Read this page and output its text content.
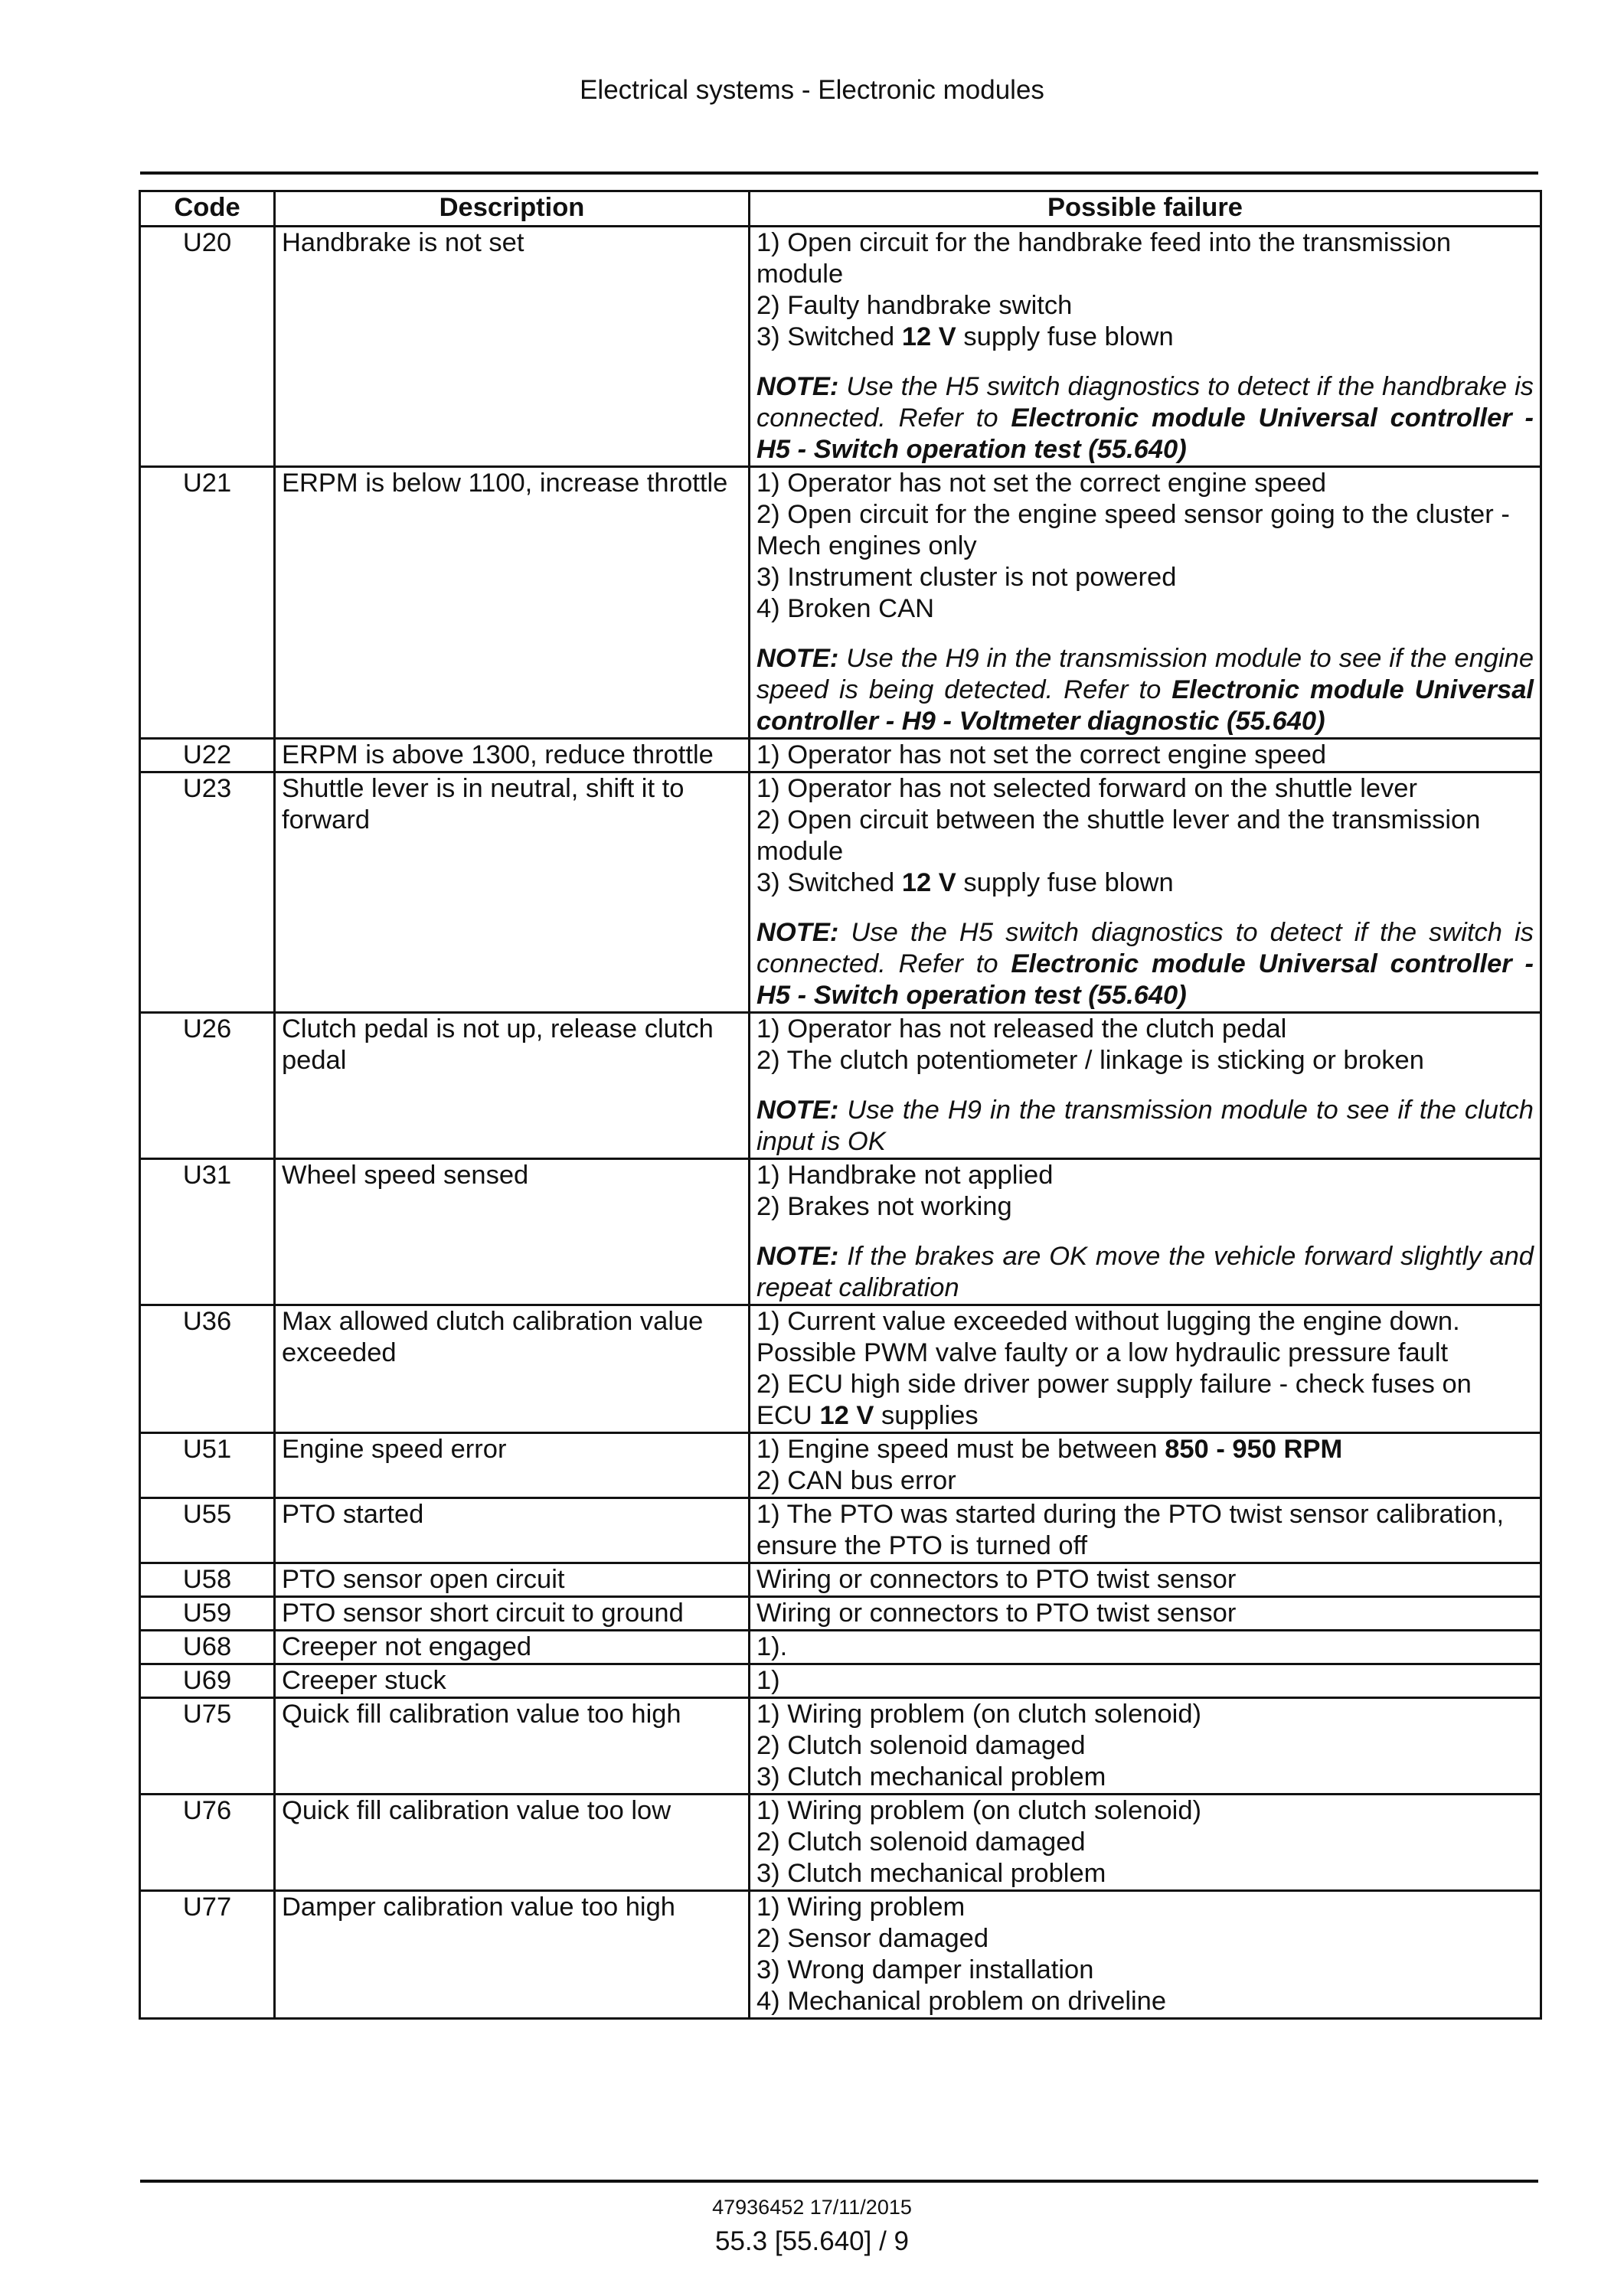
Electrical systems - Electronic modules
Code	Description	Possible failure
U20	Handbrake is not set	1) Open circuit for the handbrake feed into the transmission module
2) Faulty handbrake switch
3) Switched 12 V supply fuse blown
NOTE: Use the H5 switch diagnostics to detect if the handbrake is connected. Refer to Electronic module Universal controller - H5 - Switch operation test (55.640)

U21	ERPM is below 1100, increase throttle	1) Operator has not set the correct engine speed
2) Open circuit for the engine speed sensor going to the cluster - Mech engines only
3) Instrument cluster is not powered
4) Broken CAN
NOTE: Use the H9 in the transmission module to see if the engine speed is being detected. Refer to Electronic module Universal controller - H9 - Voltmeter diagnostic (55.640)

U22	ERPM is above 1300, reduce throttle	1) Operator has not set the correct engine speed

U23	Shuttle lever is in neutral, shift it to forward	1) Operator has not selected forward on the shuttle lever
2) Open circuit between the shuttle lever and the transmission module
3) Switched 12 V supply fuse blown
NOTE: Use the H5 switch diagnostics to detect if the switch is connected. Refer to Electronic module Universal controller - H5 - Switch operation test (55.640)

U26	Clutch pedal is not up, release clutch pedal	1) Operator has not released the clutch pedal
2) The clutch potentiometer / linkage is sticking or broken
NOTE: Use the H9 in the transmission module to see if the clutch input is OK

U31	Wheel speed sensed	1) Handbrake not applied
2) Brakes not working
NOTE: If the brakes are OK move the vehicle forward slightly and repeat calibration

U36	Max allowed clutch calibration value exceeded	1) Current value exceeded without lugging the engine down. Possible PWM valve faulty or a low hydraulic pressure fault
2) ECU high side driver power supply failure - check fuses on ECU 12 V supplies

U51	Engine speed error	1) Engine speed must be between 850 - 950 RPM
2) CAN bus error

U55	PTO started	1) The PTO was started during the PTO twist sensor calibration, ensure the PTO is turned off

U58	PTO sensor open circuit	Wiring or connectors to PTO twist sensor

U59	PTO sensor short circuit to ground	Wiring or connectors to PTO twist sensor

U68	Creeper not engaged	1).

U69	Creeper stuck	1)

U75	Quick fill calibration value too high	1) Wiring problem (on clutch solenoid)
2) Clutch solenoid damaged
3) Clutch mechanical problem

U76	Quick fill calibration value too low	1) Wiring problem (on clutch solenoid)
2) Clutch solenoid damaged
3) Clutch mechanical problem

U77	Damper calibration value too high	1) Wiring problem
2) Sensor damaged
3) Wrong damper installation
4) Mechanical problem on driveline
47936452 17/11/2015
55.3 [55.640] / 9
